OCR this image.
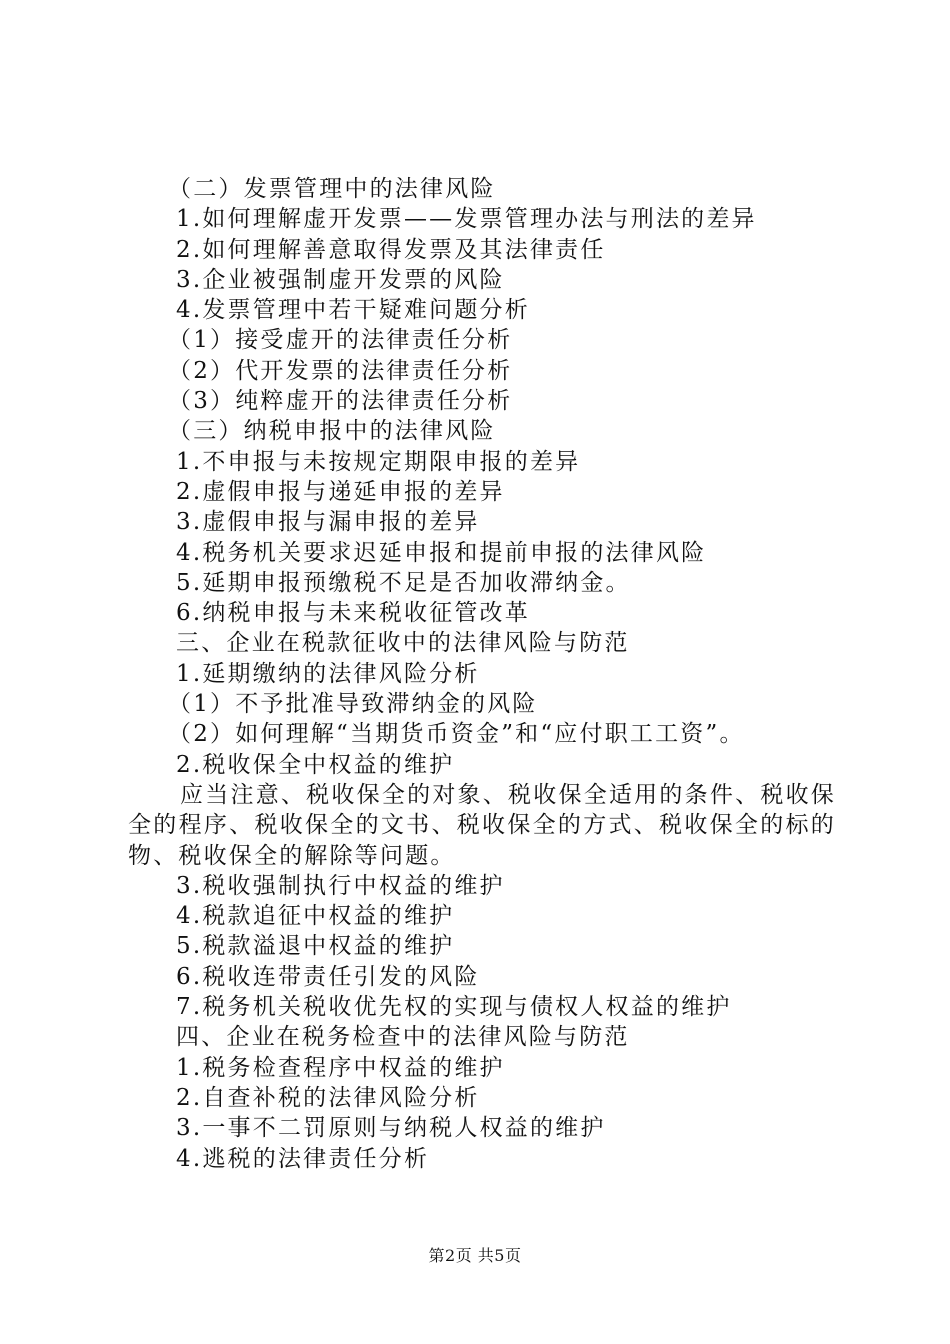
（二）发票管理中的法律风险
1.如何理解虚开发票——发票管理办法与刑法的差异
2.如何理解善意取得发票及其法律责任
3.企业被强制虚开发票的风险
4.发票管理中若干疑难问题分析
（1）接受虚开的法律责任分析
（2）代开发票的法律责任分析
（3）纯粹虚开的法律责任分析
（三）纳税申报中的法律风险
1.不申报与未按规定期限申报的差异
2.虚假申报与递延申报的差异
3.虚假申报与漏申报的差异
4.税务机关要求迟延申报和提前申报的法律风险
5.延期申报预缴税不足是否加收滞纳金。
6.纳税申报与未来税收征管改革
三、企业在税款征收中的法律风险与防范
1.延期缴纳的法律风险分析
（1）不予批准导致滞纳金的风险
（2）如何理解“当期货币资金”和“应付职工工资”。
2.税收保全中权益的维护
应当注意、税收保全的对象、税收保全适用的条件、税收保全的程序、税收保全的文书、税收保全的方式、税收保全的标的物、税收保全的解除等问题。
3.税收强制执行中权益的维护
4.税款追征中权益的维护
5.税款溢退中权益的维护
6.税收连带责任引发的风险
7.税务机关税收优先权的实现与债权人权益的维护
四、企业在税务检查中的法律风险与防范
1.税务检查程序中权益的维护
2.自查补税的法律风险分析
3.一事不二罚原则与纳税人权益的维护
4.逃税的法律责任分析
第2页 共5页
